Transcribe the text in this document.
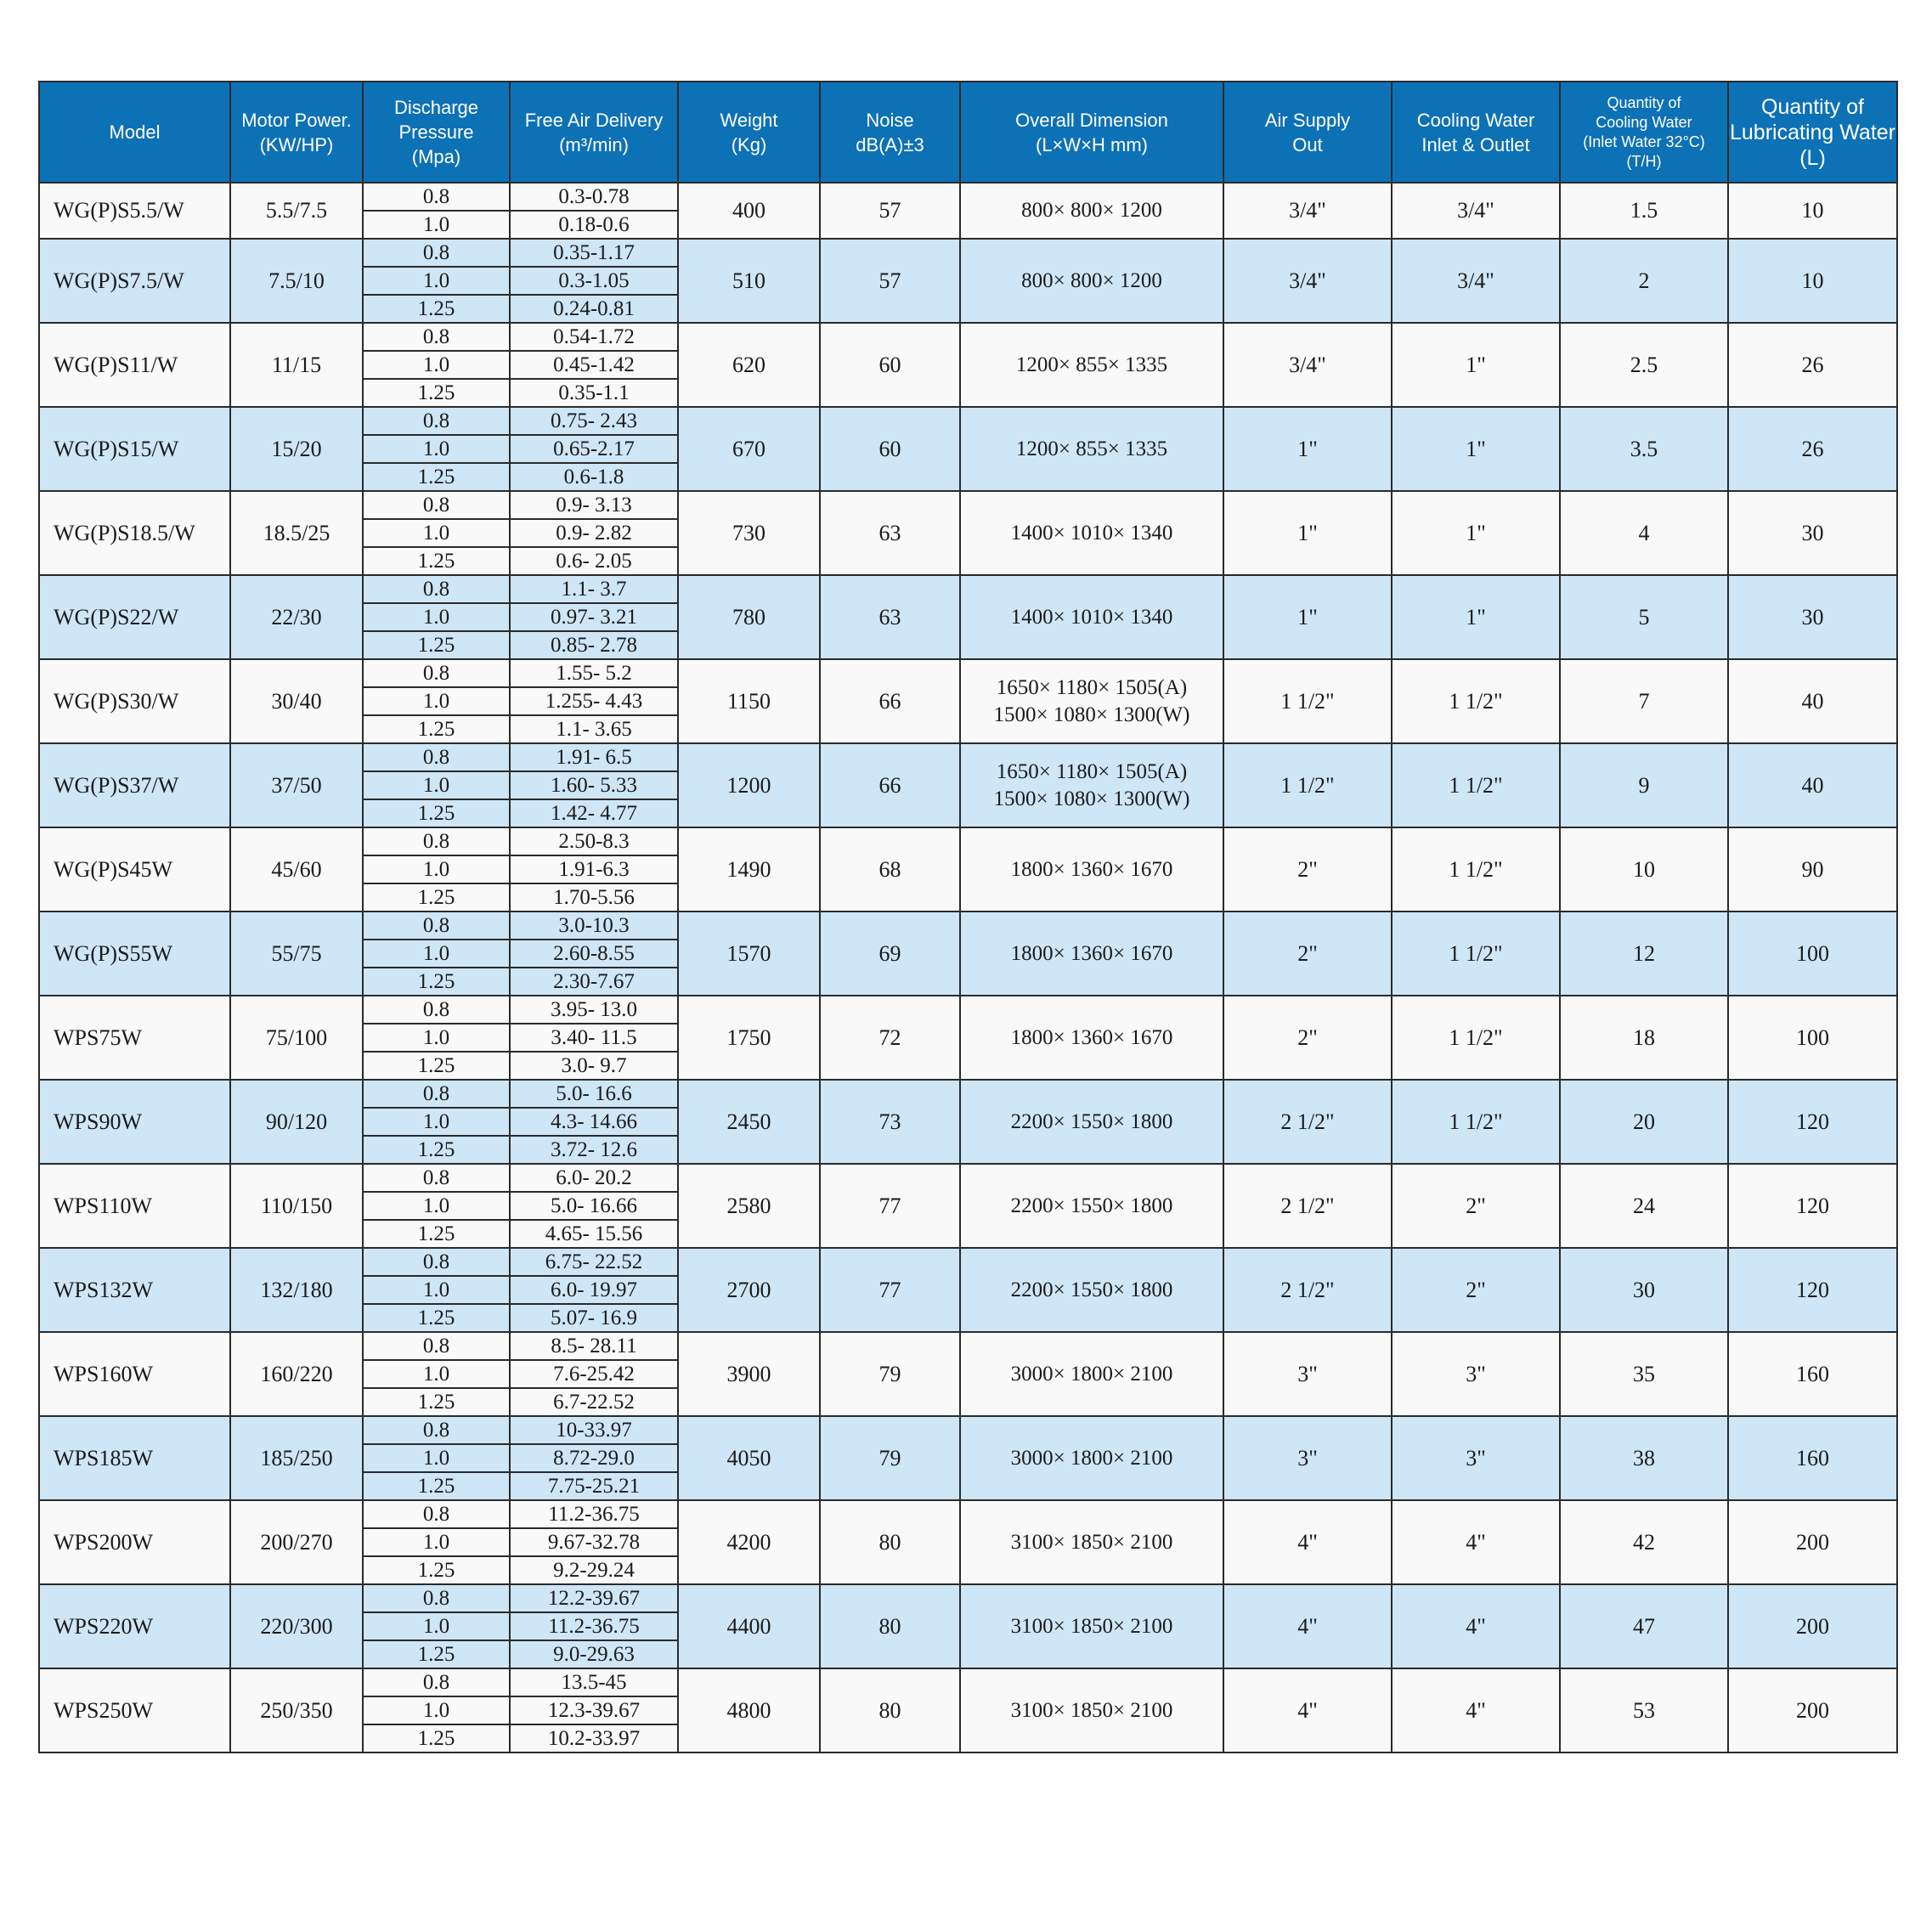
Model	Motor Power.
(KW/HP)	Discharge
Pressure
(Mpa)	Free Air Delivery
(m³/min)	Weight
(Kg)	Noise
dB(A)±3	Overall Dimension
(L×W×H mm)	Air Supply
Out	Cooling Water
Inlet & Outlet	Quantity of
Cooling Water
(Inlet Water 32°C)
(T/H)	Quantity of
Lubricating Water
(L)

WG(P)S5.5/W	5.5/7.5	0.8	0.3-0.78	400	57	800× 800× 1200	3/4"	3/4"	1.5	10
		1.0	0.18-0.6							
WG(P)S7.5/W	7.5/10	0.8	0.35-1.17	510	57	800× 800× 1200	3/4"	3/4"	2	10
		1.0	0.3-1.05							
		1.25	0.24-0.81							
WG(P)S11/W	11/15	0.8	0.54-1.72	620	60	1200× 855× 1335	3/4"	1"	2.5	26
		1.0	0.45-1.42							
		1.25	0.35-1.1							
WG(P)S15/W	15/20	0.8	0.75- 2.43	670	60	1200× 855× 1335	1"	1"	3.5	26
		1.0	0.65-2.17							
		1.25	0.6-1.8							
WG(P)S18.5/W	18.5/25	0.8	0.9- 3.13	730	63	1400× 1010× 1340	1"	1"	4	30
		1.0	0.9- 2.82							
		1.25	0.6- 2.05							
WG(P)S22/W	22/30	0.8	1.1- 3.7	780	63	1400× 1010× 1340	1"	1"	5	30
		1.0	0.97- 3.21							
		1.25	0.85- 2.78							
WG(P)S30/W	30/40	0.8	1.55- 5.2	1150	66	1650× 1180× 1505(A)
1500× 1080× 1300(W)	1 1/2"	1 1/2"	7	40
		1.0	1.255- 4.43							
		1.25	1.1- 3.65							
WG(P)S37/W	37/50	0.8	1.91- 6.5	1200	66	1650× 1180× 1505(A)
1500× 1080× 1300(W)	1 1/2"	1 1/2"	9	40
		1.0	1.60- 5.33							
		1.25	1.42- 4.77							
WG(P)S45W	45/60	0.8	2.50-8.3	1490	68	1800× 1360× 1670	2"	1 1/2"	10	90
		1.0	1.91-6.3							
		1.25	1.70-5.56							
WG(P)S55W	55/75	0.8	3.0-10.3	1570	69	1800× 1360× 1670	2"	1 1/2"	12	100
		1.0	2.60-8.55							
		1.25	2.30-7.67							
WPS75W	75/100	0.8	3.95- 13.0	1750	72	1800× 1360× 1670	2"	1 1/2"	18	100
		1.0	3.40- 11.5							
		1.25	3.0- 9.7							
WPS90W	90/120	0.8	5.0- 16.6	2450	73	2200× 1550× 1800	2 1/2"	1 1/2"	20	120
		1.0	4.3- 14.66							
		1.25	3.72- 12.6							
WPS110W	110/150	0.8	6.0- 20.2	2580	77	2200× 1550× 1800	2 1/2"	2"	24	120
		1.0	5.0- 16.66							
		1.25	4.65- 15.56							
WPS132W	132/180	0.8	6.75- 22.52	2700	77	2200× 1550× 1800	2 1/2"	2"	30	120
		1.0	6.0- 19.97							
		1.25	5.07- 16.9							
WPS160W	160/220	0.8	8.5- 28.11	3900	79	3000× 1800× 2100	3"	3"	35	160
		1.0	7.6-25.42							
		1.25	6.7-22.52							
WPS185W	185/250	0.8	10-33.97	4050	79	3000× 1800× 2100	3"	3"	38	160
		1.0	8.72-29.0							
		1.25	7.75-25.21							
WPS200W	200/270	0.8	11.2-36.75	4200	80	3100× 1850× 2100	4"	4"	42	200
		1.0	9.67-32.78							
		1.25	9.2-29.24							
WPS220W	220/300	0.8	12.2-39.67	4400	80	3100× 1850× 2100	4"	4"	47	200
		1.0	11.2-36.75							
		1.25	9.0-29.63							
WPS250W	250/350	0.8	13.5-45	4800	80	3100× 1850× 2100	4"	4"	53	200
		1.0	12.3-39.67							
		1.25	10.2-33.97							
